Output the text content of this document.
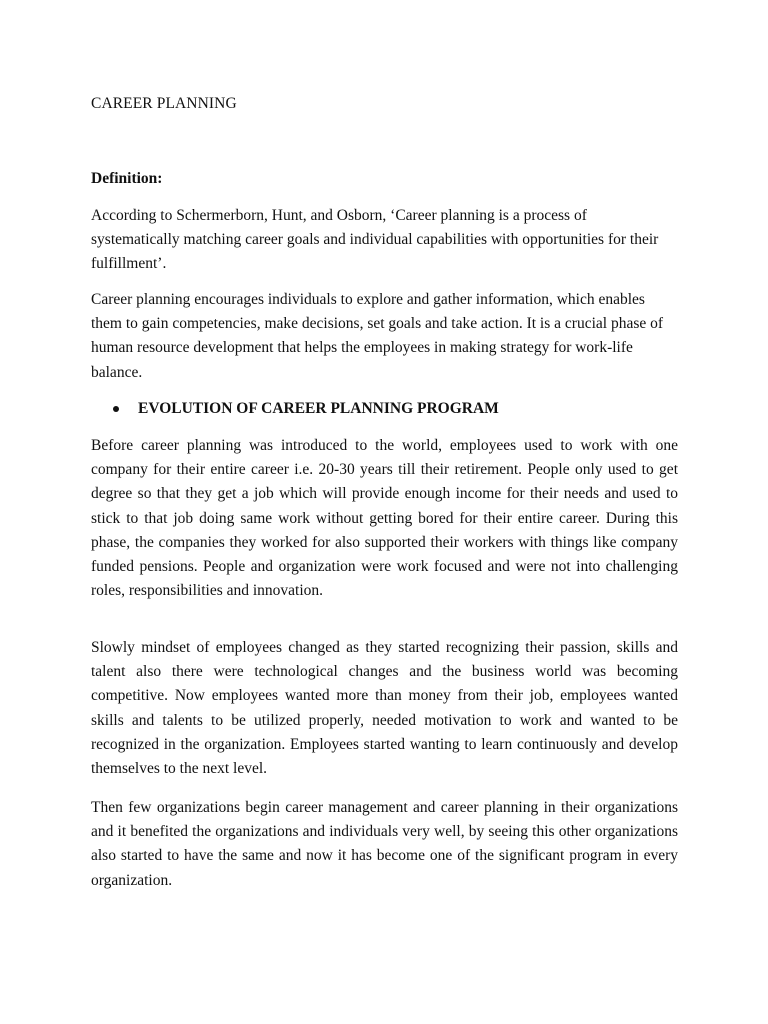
CAREER PLANNING
Definition:

According to Schermerborn, Hunt, and Osborn, ‘Career planning is a process of systematically matching career goals and individual capabilities with opportunities for their fulfillment’.

Career planning encourages individuals to explore and gather information, which enables them to gain competencies, make decisions, set goals and take action. It is a crucial phase of human resource development that helps the employees in making strategy for work-life balance.

EVOLUTION OF CAREER PLANNING PROGRAM

Before career planning was introduced to the world, employees used to work with one company for their entire career i.e. 20-30 years till their retirement. People only used to get degree so that they get a job which will provide enough income for their needs and used to stick to that job doing same work without getting bored for their entire career. During this phase, the companies they worked for also supported their workers with things like company funded pensions. People and organization were work focused and were not into challenging roles, responsibilities and innovation.

Slowly mindset of employees changed as they started recognizing their passion, skills and talent also there were technological changes and the business world was becoming competitive. Now employees wanted more than money from their job, employees wanted skills and talents to be utilized properly, needed motivation to work and wanted to be recognized in the organization. Employees started wanting to learn continuously and develop themselves to the next level.

Then few organizations begin career management and career planning in their organizations and it benefited the organizations and individuals very well, by seeing this other organizations also started to have the same and now it has become one of the significant program in every organization.
